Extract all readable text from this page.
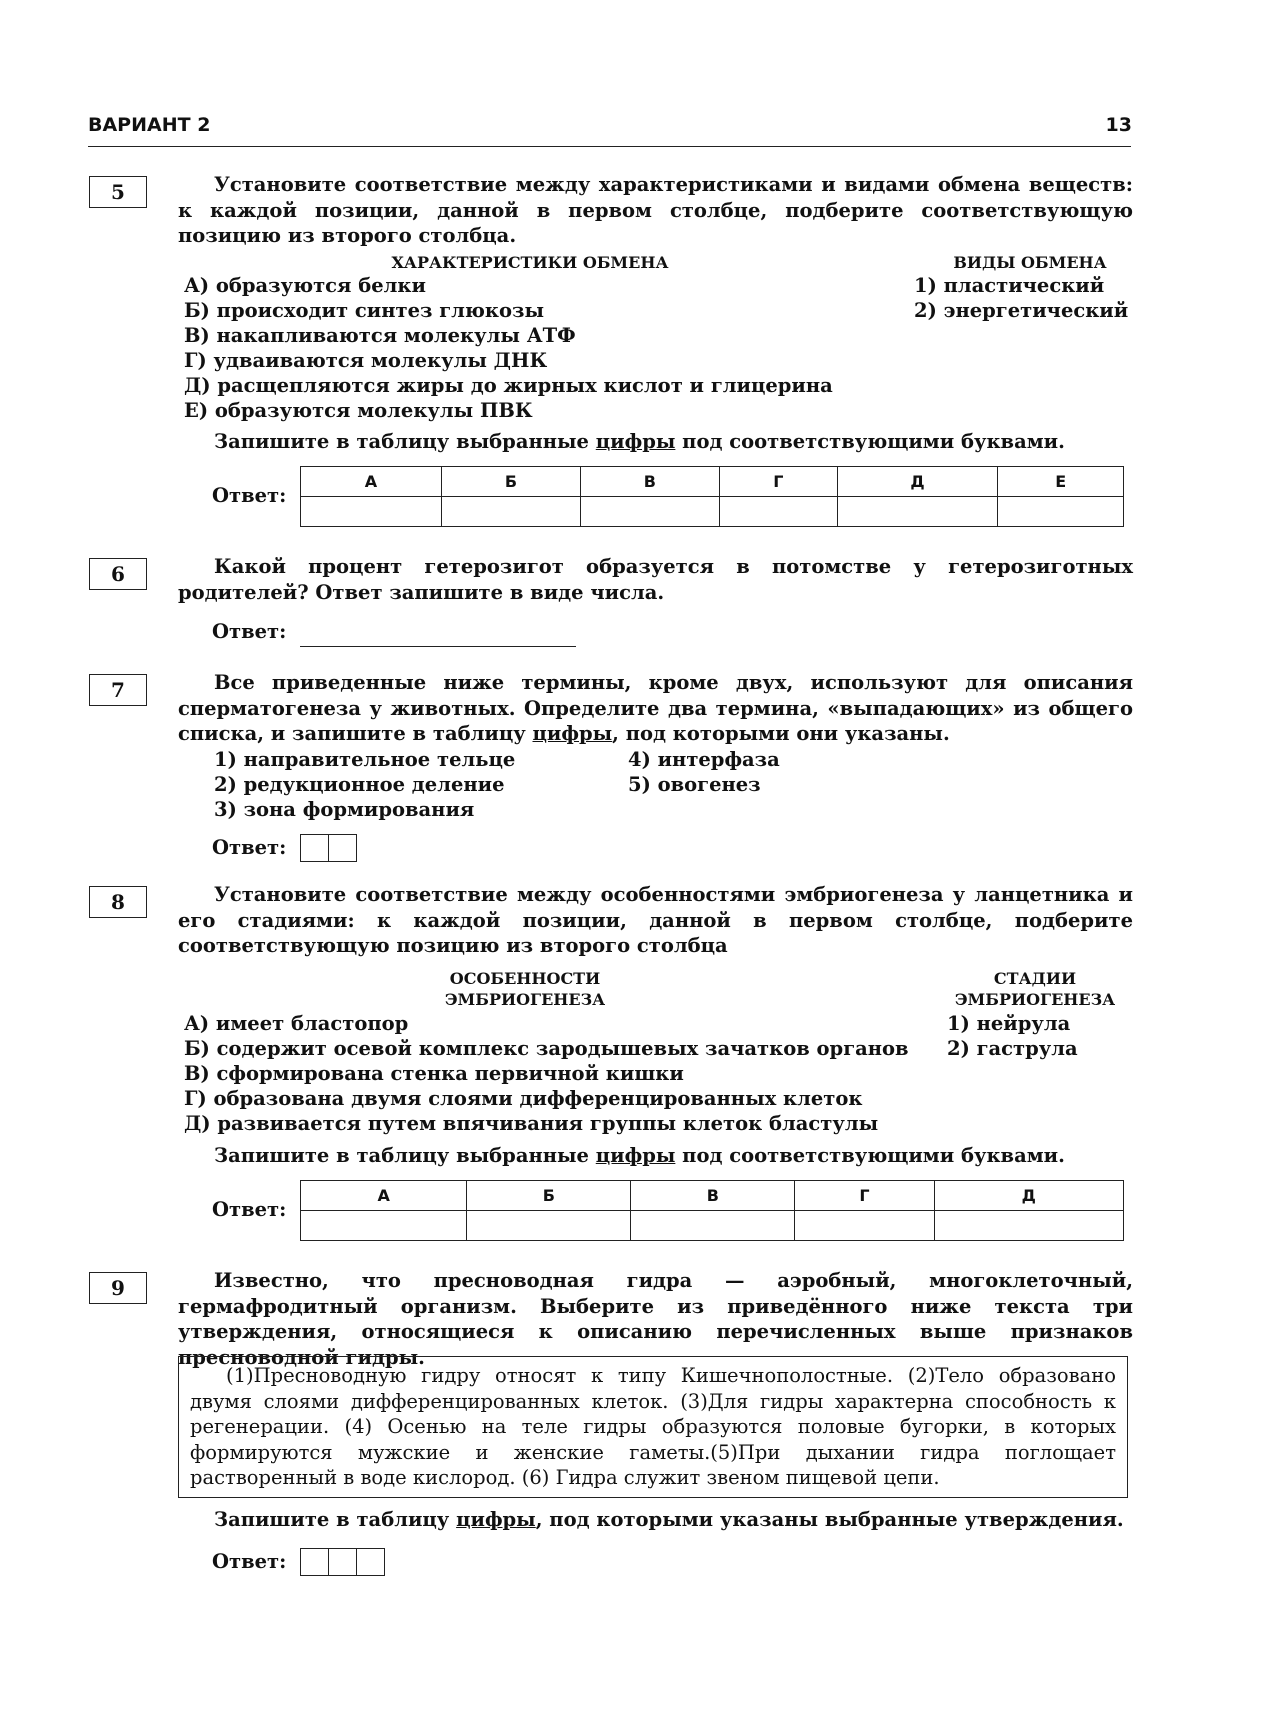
ВАРИАНТ 2	13
5	Установите соответствие между характеристиками и видами обмена веществ: к каждой позиции, данной в первом столбце, подберите соответствующую позицию из второго столбца.

ХАРАКТЕРИСТИКИ ОБМЕНА	ВИДЫ ОБМЕНА
А) образуются белки
Б) происходит синтез глюкозы
В) накапливаются молекулы АТФ
Г) удваиваются молекулы ДНК
Д) расщепляются жиры до жирных кислот и глицерина
Е) образуются молекулы ПВК
1) пластический
2) энергетический
Запишите в таблицу выбранные цифры под соответствующими буквами.
Ответ:
А	Б	В	Г	Д	Е

6	Какой процент гетерозигот образуется в потомстве у гетерозиготных родителей? Ответ запишите в виде числа.

Ответ:
7	Все приведенные ниже термины, кроме двух, используют для описания сперматогенеза у животных. Определите два термина, «выпадающих» из общего списка, и запишите в таблицу цифры, под которыми они указаны.

1) направительное тельце
2) редукционное деление
3) зона формирования
4) интерфаза
5) овогенез
Ответ:
8	Установите соответствие между особенностями эмбриогенеза у ланцетника и его стадиями: к каждой позиции, данной в первом столбце, подберите соответствующую позицию из второго столбца

ОСОБЕННОСТИ
ЭМБРИОГЕНЕЗА
СТАДИИ
ЭМБРИОГЕНЕЗА
А) имеет бластопор
Б) содержит осевой комплекс зародышевых зачатков органов
В) сформирована стенка первичной кишки
Г) образована двумя слоями дифференцированных клеток
Д) развивается путем впячивания группы клеток бластулы
1) нейрула
2) гаструла
Запишите в таблицу выбранные цифры под соответствующими буквами.
Ответ:
А	Б	В	Г	Д

9	Известно, что пресноводная гидра — аэробный, многоклеточный, гермафродитный организм. Выберите из приведённого ниже текста три утверждения, относящиеся к описанию перечисленных выше признаков пресноводной гидры.

(1)Пресноводную гидру относят к типу Кишечнополостные. (2)Тело образовано двумя слоями дифференцированных клеток. (3)Для гидры характерна способность к регенерации. (4) Осенью на теле гидры образуются половые бугорки, в которых формируются мужские и женские гаметы.(5)При дыхании гидра поглощает растворенный в воде кислород. (6) Гидра служит звеном пищевой цепи.

Запишите в таблицу цифры, под которыми указаны выбранные утверждения.
Ответ:
